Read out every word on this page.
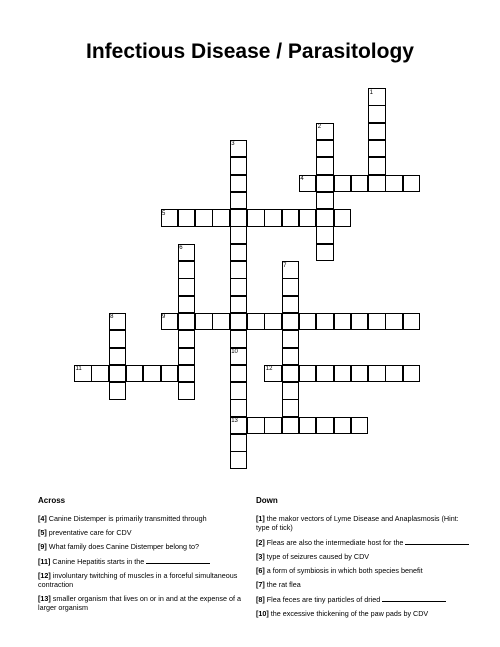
Infectious Disease / Parasitology
1
2
3
4
5
6
7
8	9
10
11	12
13
Across	Down
[4] Canine Distemper is primarily transmitted through
[5] preventative care for CDV
[9] What family does Canine Distemper belong to?
[11] Canine Hepatitis starts in the
[12] involuntary twitching of muscles in a forceful simultaneous contraction
[13] smaller organism that lives on or in and at the expense of a larger organism
[1] the makor vectors of Lyme Disease and Anaplasmosis (Hint: type of tick)
[2] Fleas are also the intermediate host for the
[3] type of seizures caused by CDV
[6] a form of symbiosis in which both species benefit
[7] the rat flea
[8] Flea feces are tiny particles of dried
[10] the excessive thickening of the paw pads by CDV
